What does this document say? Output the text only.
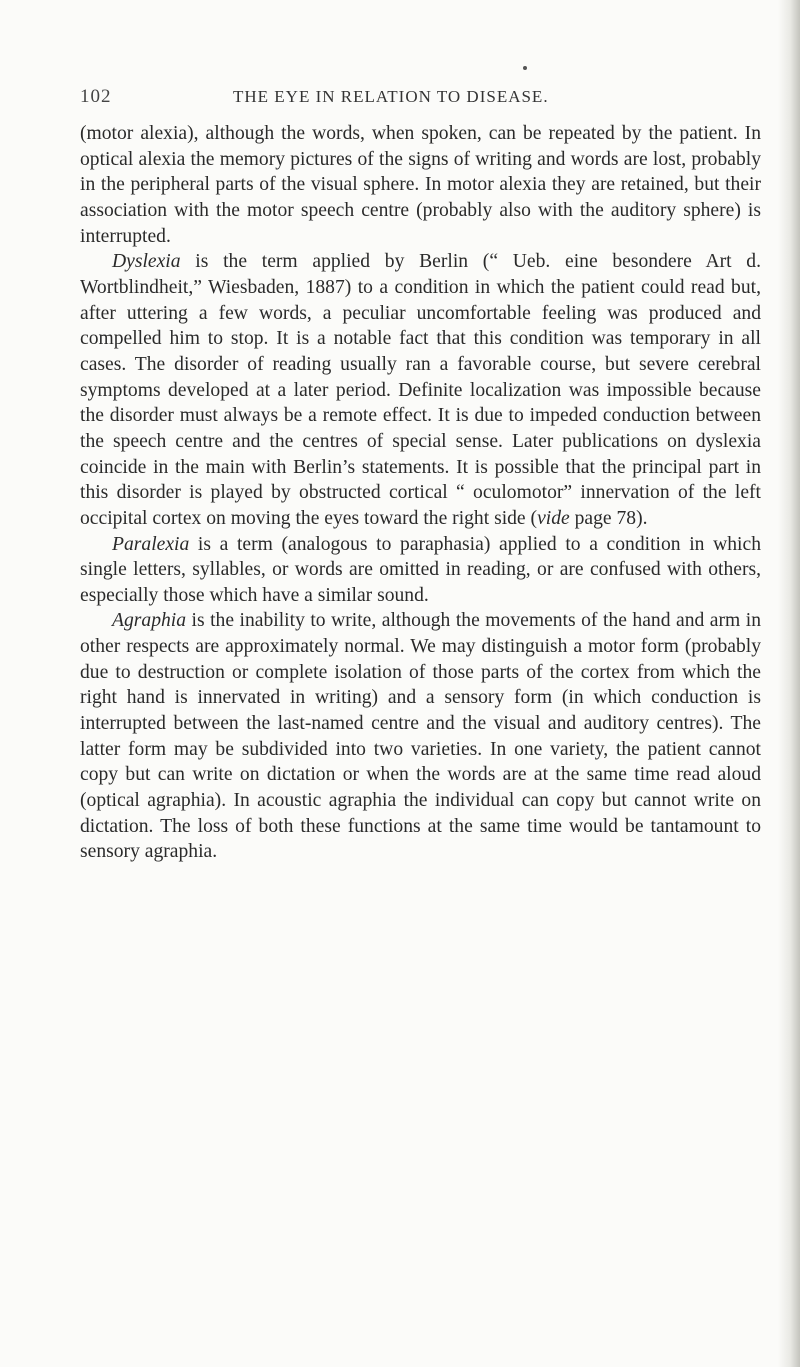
102	THE EYE IN RELATION TO DISEASE.

(motor alexia), although the words, when spoken, can be repeated by the patient. In optical alexia the memory pictures of the signs of writing and words are lost, probably in the peripheral parts of the visual sphere. In motor alexia they are retained, but their association with the motor speech centre (probably also with the auditory sphere) is interrupted.

Dyslexia is the term applied by Berlin (“ Ueb. eine besondere Art d. Wortblindheit,” Wiesbaden, 1887) to a condition in which the patient could read but, after uttering a few words, a peculiar uncomfortable feeling was produced and compelled him to stop. It is a notable fact that this condition was temporary in all cases. The disorder of reading usually ran a favorable course, but severe cerebral symptoms developed at a later period. Definite localization was impossible because the disorder must always be a remote effect. It is due to impeded conduction between the speech centre and the centres of special sense. Later publications on dyslexia coincide in the main with Berlin’s statements. It is possible that the principal part in this disorder is played by obstructed cortical “ oculomotor” innervation of the left occipital cortex on moving the eyes toward the right side (vide page 78).

Paralexia is a term (analogous to paraphasia) applied to a condition in which single letters, syllables, or words are omitted in reading, or are confused with others, especially those which have a similar sound.

Agraphia is the inability to write, although the movements of the hand and arm in other respects are approximately normal. We may distinguish a motor form (probably due to destruction or complete isolation of those parts of the cortex from which the right hand is innervated in writing) and a sensory form (in which conduction is interrupted between the last-named centre and the visual and auditory centres). The latter form may be subdivided into two varieties. In one variety, the patient cannot copy but can write on dictation or when the words are at the same time read aloud (optical agraphia). In acoustic agraphia the individual can copy but cannot write on dictation. The loss of both these functions at the same time would be tantamount to sensory agraphia.
